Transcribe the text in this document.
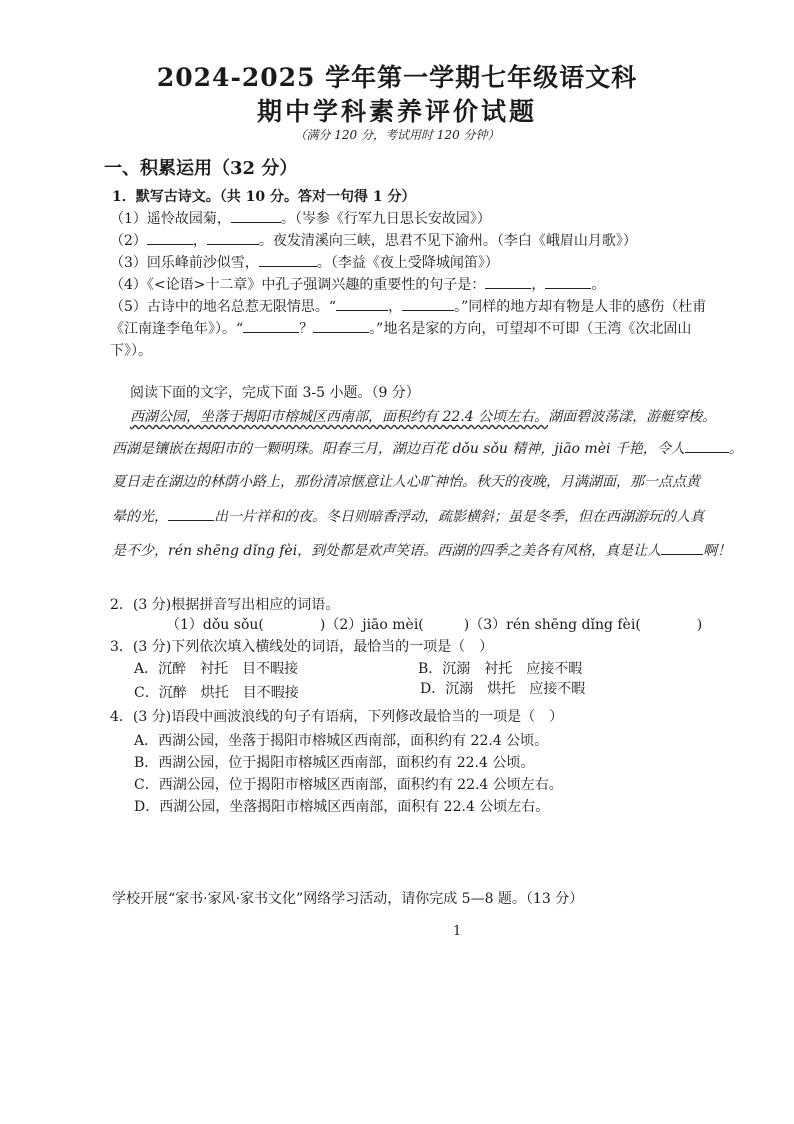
2024-2025 学年第一学期七年级语文科
期中学科素养评价试题
（满分 120 分，考试用时 120 分钟）
一、积累运用（32 分）
1．默写古诗文。（共 10 分。答对一句得 1 分）
（1）遥怜故园菊，	。（岑参《行军九日思长安故园》）
（2）	，	。夜发清溪向三峡，思君不见下渝州。（李白《峨眉山月歌》）
（3）回乐峰前沙似雪，	。（李益《夜上受降城闻笛》）
（4）《<论语>十二章》中孔子强调兴趣的重要性的句子是：	，	。
（5）古诗中的地名总惹无限情思。“	，	。”同样的地方却有物是人非的感伤（杜甫
《江南逢李龟年》）。“	？	。”地名是家的方向，可望却不可即（王湾《次北固山
下》）。
阅读下面的文字，完成下面 3-5 小题。（9 分）
西湖公园，坐落于揭阳市榕城区西南部，面积约有 22.4 公顷左右。湖面碧波荡漾，游艇穿梭。
西湖是镶嵌在揭阳市的一颗明珠。阳春三月，湖边百花 dǒu sǒu 精神，jiāo mèi 千艳，令人	。
夏日走在湖边的林荫小路上，那份清凉惬意让人心旷神怡。秋天的夜晚，月满湖面，那一点点黄
晕的光，	出一片祥和的夜。冬日则暗香浮动，疏影横斜；虽是冬季，但在西湖游玩的人真
是不少，rén shēng dǐng fèi，到处都是欢声笑语。西湖的四季之美各有风格，真是让人	啊！
2．(3 分)根据拼音写出相应的词语。
（1）dǒu sǒu(	)（2）jiāo mèi(	)（3）rén shēng dǐng fèi(	)
3．(3 分)下列依次填入横线处的词语，最恰当的一项是（　）
A．沉醉　衬托　目不暇接	B．沉溺　衬托　应接不暇
C．沉醉　烘托　目不暇接	D．沉溺　烘托　应接不暇
4．(3 分)语段中画波浪线的句子有语病，下列修改最恰当的一项是（　）
A．西湖公园，坐落于揭阳市榕城区西南部，面积约有 22.4 公顷。
B．西湖公园，位于揭阳市榕城区西南部，面积约有 22.4 公顷。
C．西湖公园，位于揭阳市榕城区西南部，面积约有 22.4 公顷左右。
D．西湖公园，坐落揭阳市榕城区西南部，面积有 22.4 公顷左右。
学校开展“家书·家风·家书文化”网络学习活动，请你完成 5—8 题。（13 分）
1
